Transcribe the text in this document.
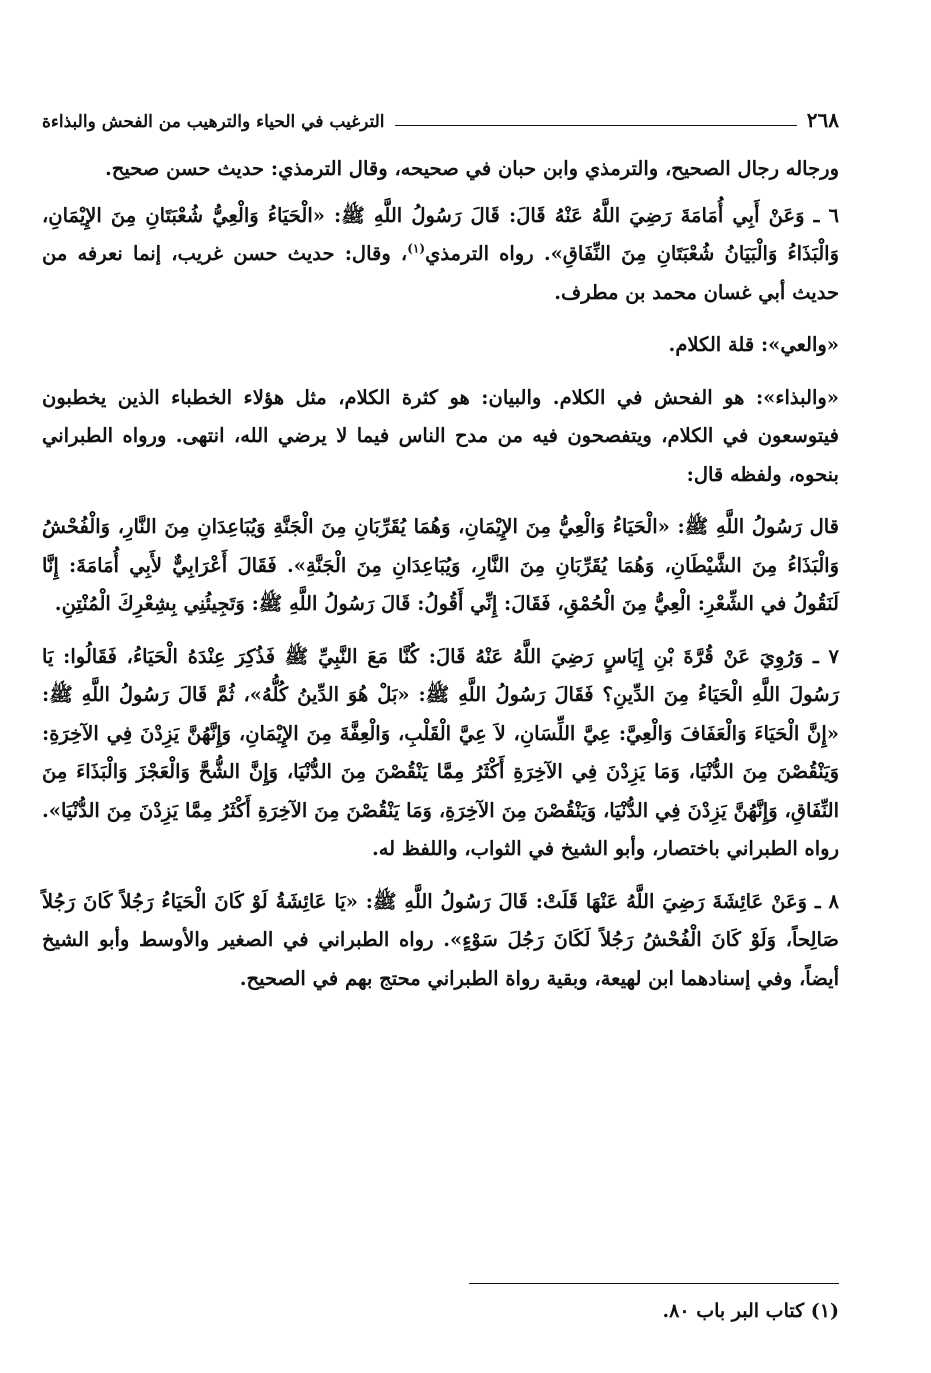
٢٦٨
الترغيب في الحياء والترهيب من الفحش والبذاءة

ورجاله رجال الصحيح، والترمذي وابن حبان في صحيحه، وقال الترمذي: حديث حسن صحيح.

٦ ـ وَعَنْ أَبِي أُمَامَةَ رَضِيَ اللَّهُ عَنْهُ قَالَ: قَالَ رَسُولُ اللَّهِ ﷺ: «الْحَيَاءُ وَالْعِيُّ شُعْبَتَانِ مِنَ الإِيْمَانِ، وَالْبَذَاءُ وَالْبَيَانُ شُعْبَتَانِ مِنَ النِّفَاقِ». رواه الترمذي$^{(١)}$، وقال: حديث حسن غريب، إنما نعرفه من حديث أبي غسان محمد بن مطرف.

«والعي»: قلة الكلام.

«والبذاء»: هو الفحش في الكلام. والبيان: هو كثرة الكلام، مثل هؤلاء الخطباء الذين يخطبون فيتوسعون في الكلام، ويتفصحون فيه من مدح الناس فيما لا يرضي الله، انتهى. ورواه الطبراني بنحوه، ولفظه قال:

قال رَسُولُ اللَّهِ ﷺ: «الْحَيَاءُ وَالْعِيُّ مِنَ الإِيْمَانِ، وَهُمَا يُقَرِّبَانِ مِنَ الْجَنَّةِ وَيُبَاعِدَانِ مِنَ النَّارِ، وَالْفُحْشُ وَالْبَذَاءُ مِنَ الشَّيْطَانِ، وَهُمَا يُقَرِّبَانِ مِنَ النَّارِ، وَيُبَاعِدَانِ مِنَ الْجَنَّةِ». فَقَالَ أَعْرَابِيٌّ لأَبِي أُمَامَةَ: إِنَّا لَنَقُولُ في الشِّعْرِ: الْعِيُّ مِنَ الْحُمْقِ، فَقَالَ: إِنِّي أَقُولُ: قَالَ رَسُولُ اللَّهِ ﷺ: وَتَجِيئُنِي بِشِعْرِكَ الْمُنْتِنِ.

٧ ـ وَرُوِيَ عَنْ قُرَّةَ بْنِ إِيَاسٍ رَضِيَ اللَّهُ عَنْهُ قَالَ: كُنَّا مَعَ النَّبِيِّ ﷺ فَذُكِرَ عِنْدَهُ الْحَيَاءُ، فَقَالُوا: يَا رَسُولَ اللَّهِ الْحَيَاءُ مِنَ الدِّينِ؟ فَقَالَ رَسُولُ اللَّهِ ﷺ: «بَلْ هُوَ الدِّينُ كُلُّهُ»، ثُمَّ قَالَ رَسُولُ اللَّهِ ﷺ: «إِنَّ الْحَيَاءَ وَالْعَفَافَ وَالْعِيَّ: عِيَّ اللِّسَانِ، لاَ عِيَّ الْقَلْبِ، وَالْعِفَّةَ مِنَ الإِيْمَانِ، وَإِنَّهُنَّ يَزِدْنَ فِي الآخِرَةِ: وَيَنْقُصْنَ مِنَ الدُّنْيَا، وَمَا يَزِدْنَ فِي الآخِرَةِ أَكْثَرُ مِمَّا يَنْقُصْنَ مِنَ الدُّنْيَا، وَإِنَّ الشُّحَّ وَالْعَجْزَ وَالْبَذَاءَ مِنَ النِّفَاقِ، وَإِنَّهُنَّ يَزِدْنَ فِي الدُّنْيَا، وَيَنْقُصْنَ مِنَ الآخِرَةِ، وَمَا يَنْقُصْنَ مِنَ الآخِرَةِ أَكْثَرُ مِمَّا يَزِدْنَ مِنَ الدُّنْيَا». رواه الطبراني باختصار، وأبو الشيخ في الثواب، واللفظ له.

٨ ـ وَعَنْ عَائِشَةَ رَضِيَ اللَّهُ عَنْهَا قَلَتْ: قَالَ رَسُولُ اللَّهِ ﷺ: «يَا عَائِشَةُ لَوْ كَانَ الْحَيَاءُ رَجُلاً كَانَ رَجُلاً صَالِحاً، وَلَوْ كَانَ الْفُحْشُ رَجُلاً لَكَانَ رَجُلَ سَوْءٍ». رواه الطبراني في الصغير والأوسط وأبو الشيخ أيضاً، وفي إسنادهما ابن لهيعة، وبقية رواة الطبراني محتج بهم في الصحيح.

(١) كتاب البر باب ٨٠.
